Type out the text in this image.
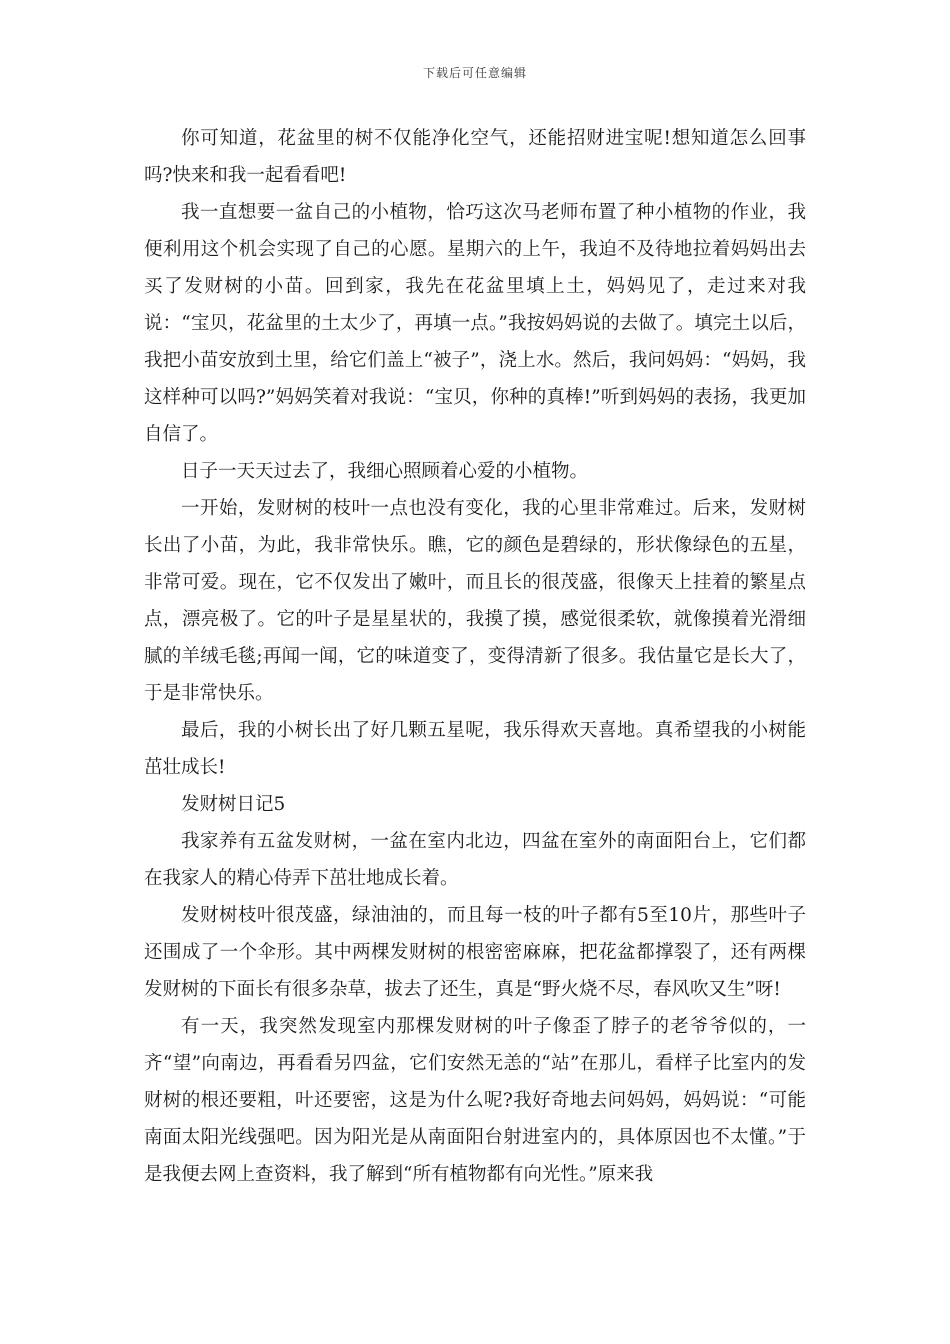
下载后可任意编辑

你可知道，花盆里的树不仅能净化空气，还能招财进宝呢!想知道怎么回事吗?快来和我一起看看吧!

我一直想要一盆自己的小植物，恰巧这次马老师布置了种小植物的作业，我便利用这个机会实现了自己的心愿。星期六的上午，我迫不及待地拉着妈妈出去买了发财树的小苗。回到家，我先在花盆里填上土，妈妈见了，走过来对我说：“宝贝，花盆里的土太少了，再填一点。”我按妈妈说的去做了。填完土以后，我把小苗安放到土里，给它们盖上“被子”，浇上水。然后，我问妈妈：“妈妈，我这样种可以吗?”妈妈笑着对我说：“宝贝，你种的真棒!”听到妈妈的表扬，我更加自信了。

日子一天天过去了，我细心照顾着心爱的小植物。

一开始，发财树的枝叶一点也没有变化，我的心里非常难过。后来，发财树长出了小苗，为此，我非常快乐。瞧，它的颜色是碧绿的，形状像绿色的五星，非常可爱。现在，它不仅发出了嫩叶，而且长的很茂盛，很像天上挂着的繁星点点，漂亮极了。它的叶子是星星状的，我摸了摸，感觉很柔软，就像摸着光滑细腻的羊绒毛毯;再闻一闻，它的味道变了，变得清新了很多。我估量它是长大了，于是非常快乐。

最后，我的小树长出了好几颗五星呢，我乐得欢天喜地。真希望我的小树能茁壮成长!

发财树日记5

我家养有五盆发财树，一盆在室内北边，四盆在室外的南面阳台上，它们都在我家人的精心侍弄下茁壮地成长着。

发财树枝叶很茂盛，绿油油的，而且每一枝的叶子都有5至10片，那些叶子还围成了一个伞形。其中两棵发财树的根密密麻麻，把花盆都撑裂了，还有两棵发财树的下面长有很多杂草，拔去了还生，真是“野火烧不尽，春风吹又生”呀!

有一天，我突然发现室内那棵发财树的叶子像歪了脖子的老爷爷似的，一齐“望”向南边，再看看另四盆，它们安然无恙的“站”在那儿，看样子比室内的发财树的根还要粗，叶还要密，这是为什么呢?我好奇地去问妈妈，妈妈说：“可能南面太阳光线强吧。因为阳光是从南面阳台射进室内的，具体原因也不太懂。”于是我便去网上查资料，我了解到“所有植物都有向光性。”原来我
